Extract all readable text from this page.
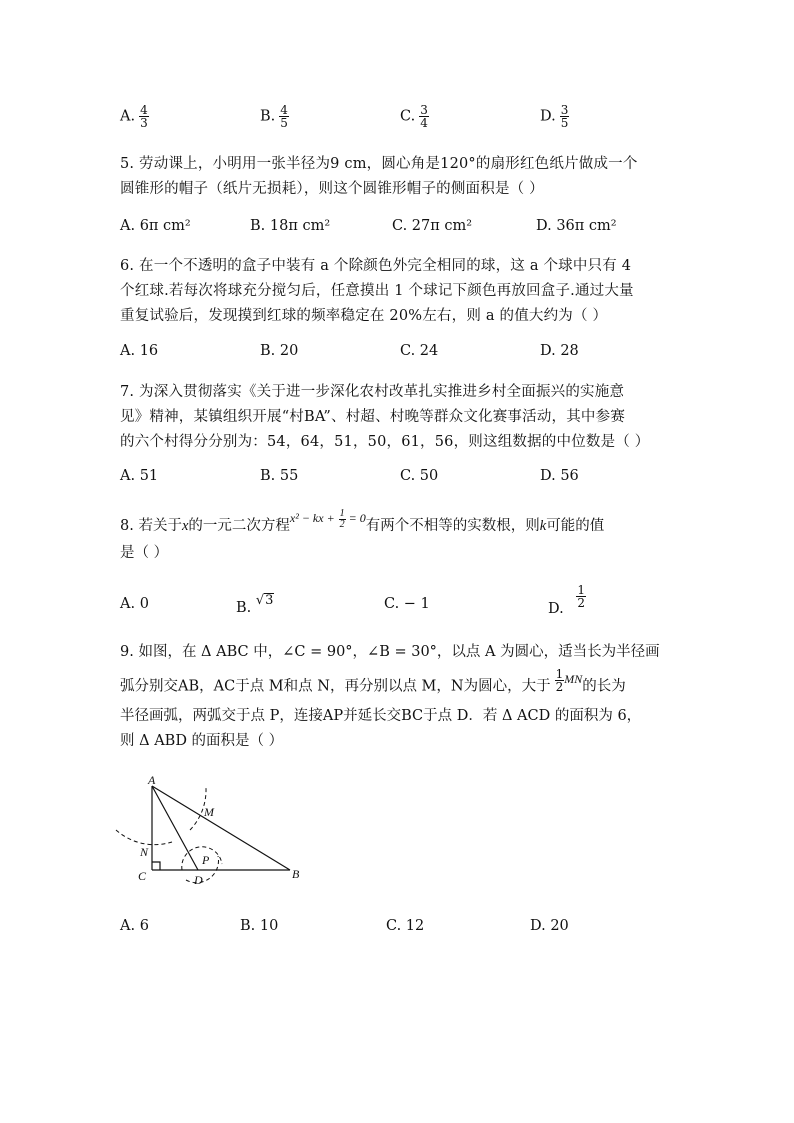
A. $\frac{4}{3}$	B. $\frac{4}{5}$	C. $\frac{3}{4}$	D. $\frac{3}{5}$
5. 劳动课上，小明用一张半径为9 cm，圆心角是120°的扇形红色纸片做成一个
圆锥形的帽子（纸片无损耗），则这个圆锥形帽子的侧面积是（ ）
A. 6π cm²	B. 18π cm²	C. 27π cm²	D. 36π cm²
6. 在一个不透明的盒子中装有 a 个除颜色外完全相同的球，这 a 个球中只有 4
个红球.若每次将球充分搅匀后，任意摸出 1 个球记下颜色再放回盒子.通过大量
重复试验后，发现摸到红球的频率稳定在 20%左右，则 a 的值大约为（ ）
A. 16	B. 20	C. 24	D. 28
7. 为深入贯彻落实《关于进一步深化农村改革扎实推进乡村全面振兴的实施意
见》精神，某镇组织开展“村BA”、村超、村晚等群众文化赛事活动，其中参赛
的六个村得分分别为：54，64，51，50，61，56，则这组数据的中位数是（ ）
A. 51	B. 55	C. 50	D. 56
8. 若关于x的一元二次方程$^{x^2 - kx + \frac{1}{2} = 0}$有两个不相等的实数根，则k可能的值
是（ ）
A. 0	B. √ 3	C. − 1	D. $\frac{1}{2}$
9. 如图，在 Δ ABC 中，∠C = 90°，∠B = 30°，以点 A 为圆心，适当长为半径画
弧分别交AB，AC于点 M和点 N，再分别以点 M，N为圆心，大于 $\frac{1}{2} ^{MN}$的长为
半径画弧，两弧交于点 P，连接AP并延长交BC于点 D．若 Δ ACD 的面积为 6，
则 Δ ABD 的面积是（ ）
A
M
N
C	D
P
B
A. 6	B. 10	C. 12	D. 20
